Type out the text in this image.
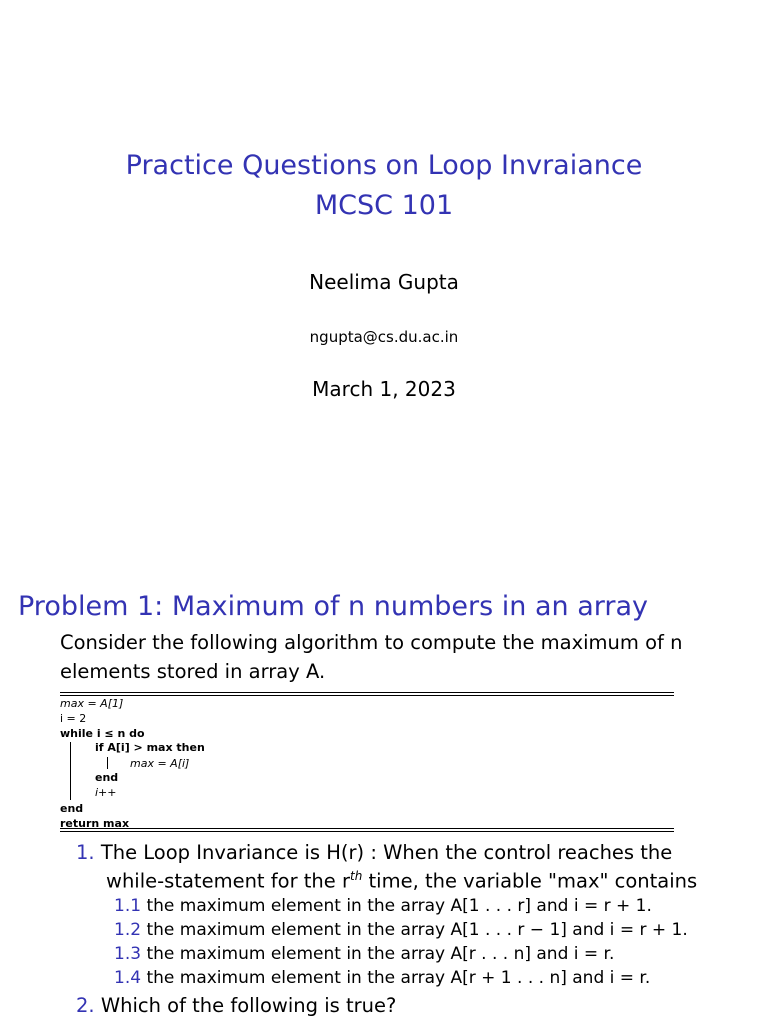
Practice Questions on Loop Invraiance
MCSC 101
Neelima Gupta
ngupta@cs.du.ac.in
March 1, 2023
Problem 1: Maximum of n numbers in an array
Consider the following algorithm to compute the maximum of n
elements stored in array A.
max = A[1]
i = 2
while i ≤ n do
if A[i] > max then
max = A[i]
end
i++
end
return max
1. The Loop Invariance is H(r) : When the control reaches the
while-statement for the $r^{th}$ time, the variable "max" contains
1.1 the maximum element in the array A[1 . . . r] and i = r + 1.
1.2 the maximum element in the array A[1 . . . r − 1] and i = r + 1.
1.3 the maximum element in the array A[r . . . n] and i = r.
1.4 the maximum element in the array A[r + 1 . . . n] and i = r.
2. Which of the following is true?
